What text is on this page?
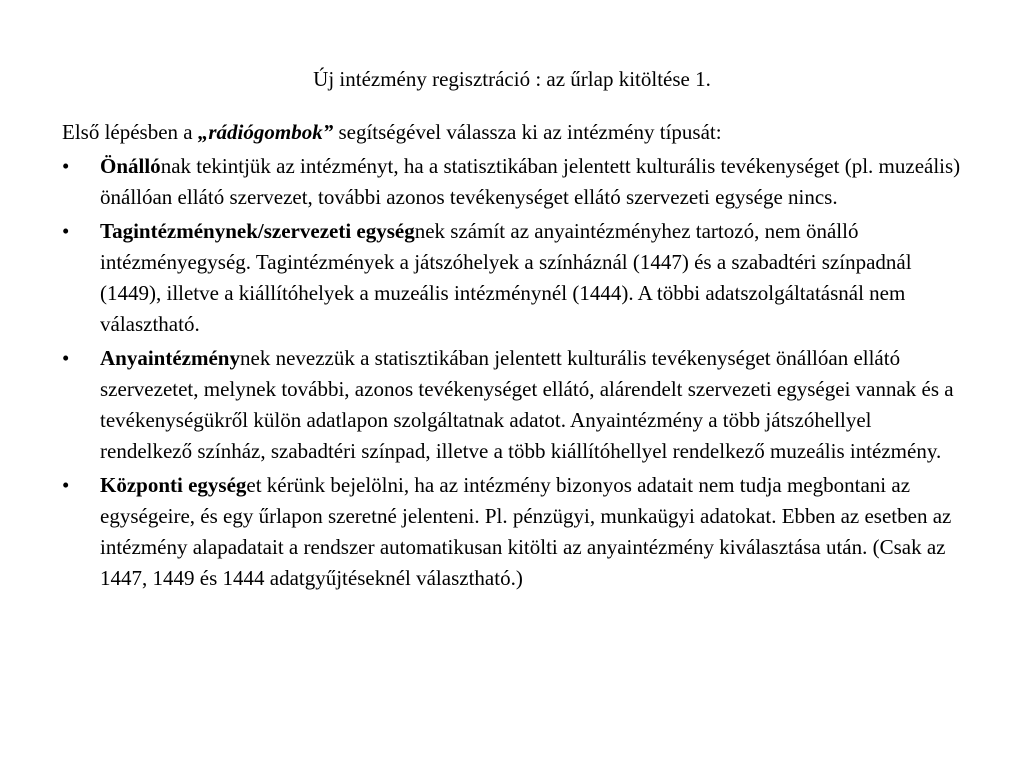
Új intézmény regisztráció : az űrlap kitöltése 1.

Első lépésben a „rádiógombok” segítségével válassza ki az intézmény típusát:

•	Önállónak tekintjük az intézményt, ha a statisztikában jelentett kulturális tevékenységet (pl. muzeális) önállóan ellátó szervezet, további azonos tevékenységet ellátó szervezeti egysége nincs.
•	Tagintézménynek/szervezeti egységnek számít az anyaintézményhez tartozó, nem önálló intézményegység. Tagintézmények a játszóhelyek a színháznál (1447) és a szabadtéri színpadnál (1449), illetve a kiállítóhelyek a muzeális intézménynél (1444). A többi adatszolgáltatásnál nem választható.
•	Anyaintézménynek nevezzük a statisztikában jelentett kulturális tevékenységet önállóan ellátó szervezetet, melynek további, azonos tevékenységet ellátó, alárendelt szervezeti egységei vannak és a tevékenységükről külön adatlapon szolgáltatnak adatot. Anyaintézmény a több játszóhellyel rendelkező színház, szabadtéri színpad, illetve a több kiállítóhellyel rendelkező muzeális intézmény.
•	Központi egységet kérünk bejelölni, ha az intézmény bizonyos adatait nem tudja megbontani az egységeire, és egy űrlapon szeretné jelenteni. Pl. pénzügyi, munkaügyi adatokat. Ebben az esetben az intézmény alapadatait a rendszer automatikusan kitölti az anyaintézmény kiválasztása után. (Csak az 1447, 1449 és 1444 adatgyűjtéseknél választható.)
